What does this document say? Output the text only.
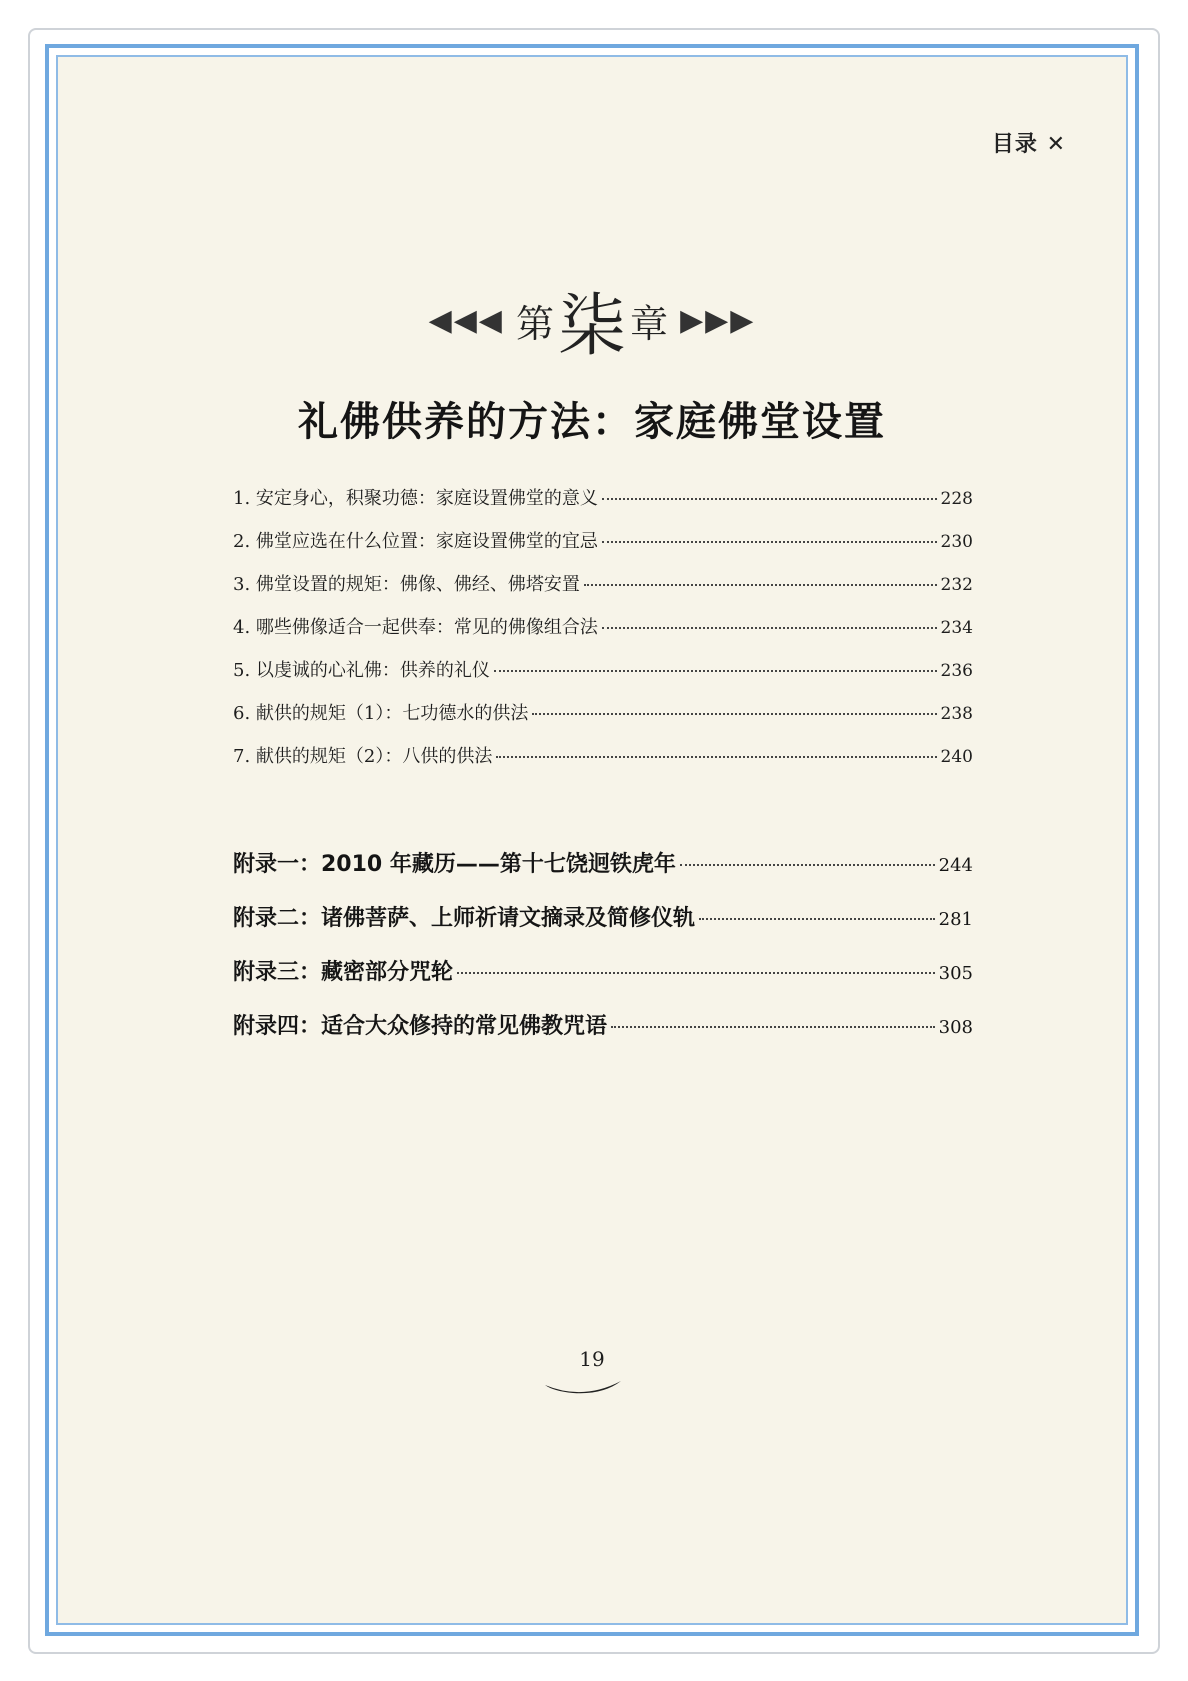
目录 ✕
◀◀◀ 第柒 章 ▶▶▶
礼佛供养的方法：家庭佛堂设置
1. 安定身心，积聚功德：家庭设置佛堂的意义	228
2. 佛堂应选在什么位置：家庭设置佛堂的宜忌	230
3. 佛堂设置的规矩：佛像、佛经、佛塔安置	232
4. 哪些佛像适合一起供奉：常见的佛像组合法	234
5. 以虔诚的心礼佛：供养的礼仪	236
6. 献供的规矩（1）：七功德水的供法	238
7. 献供的规矩（2）：八供的供法	240
附录一：2010 年藏历——第十七饶迥铁虎年	244
附录二：诸佛菩萨、上师祈请文摘录及简修仪轨	281
附录三：藏密部分咒轮	305
附录四：适合大众修持的常见佛教咒语	308
19
